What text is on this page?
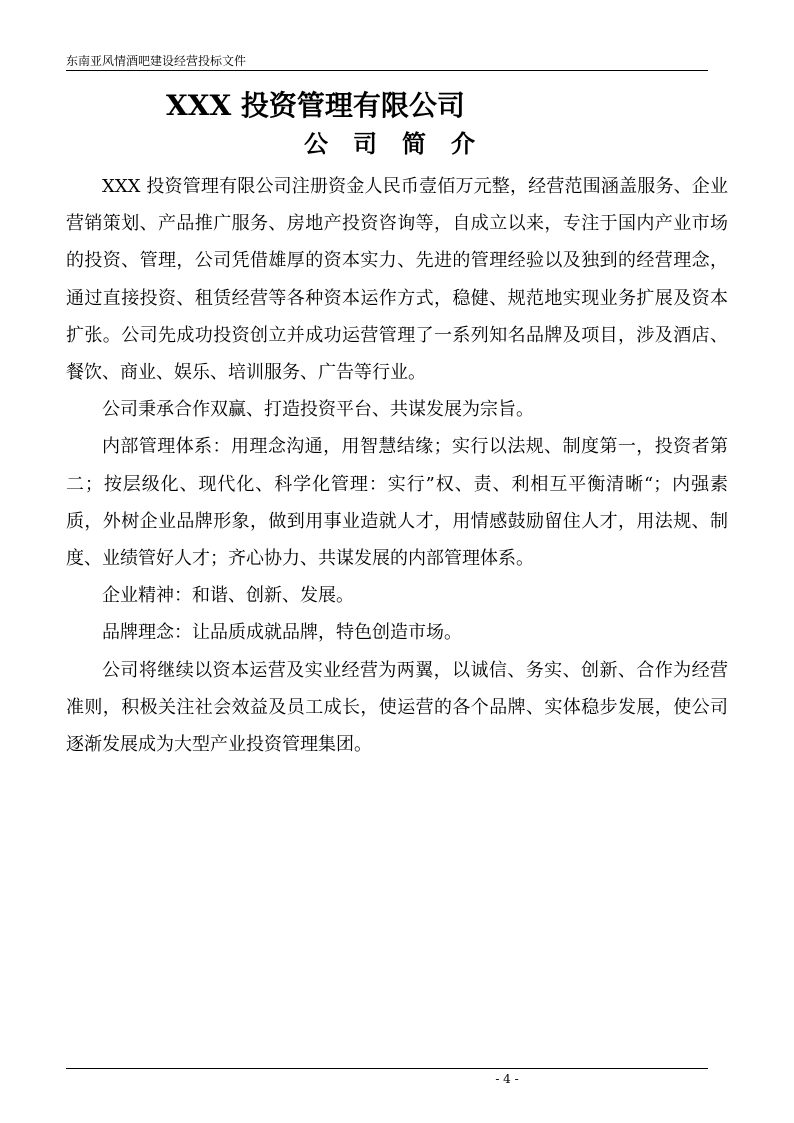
东南亚风情酒吧建设经营投标文件
XXX 投资管理有限公司
公司简介

XXX 投资管理有限公司注册资金人民币壹佰万元整，经营范围涵盖服务、企业营销策划、产品推广服务、房地产投资咨询等，自成立以来，专注于国内产业市场的投资、管理，公司凭借雄厚的资本实力、先进的管理经验以及独到的经营理念，通过直接投资、租赁经营等各种资本运作方式，稳健、规范地实现业务扩展及资本扩张。公司先成功投资创立并成功运营管理了一系列知名品牌及项目，涉及酒店、餐饮、商业、娱乐、培训服务、广告等行业。

公司秉承合作双赢、打造投资平台、共谋发展为宗旨。

内部管理体系：用理念沟通，用智慧结缘；实行以法规、制度第一，投资者第二；按层级化、现代化、科学化管理：实行”权、责、利相互平衡清晰“；内强素质，外树企业品牌形象，做到用事业造就人才，用情感鼓励留住人才，用法规、制度、业绩管好人才；齐心协力、共谋发展的内部管理体系。

企业精神：和谐、创新、发展。

品牌理念：让品质成就品牌，特色创造市场。

公司将继续以资本运营及实业经营为两翼，以诚信、务实、创新、合作为经营准则，积极关注社会效益及员工成长，使运营的各个品牌、实体稳步发展，使公司逐渐发展成为大型产业投资管理集团。

- 4 -
